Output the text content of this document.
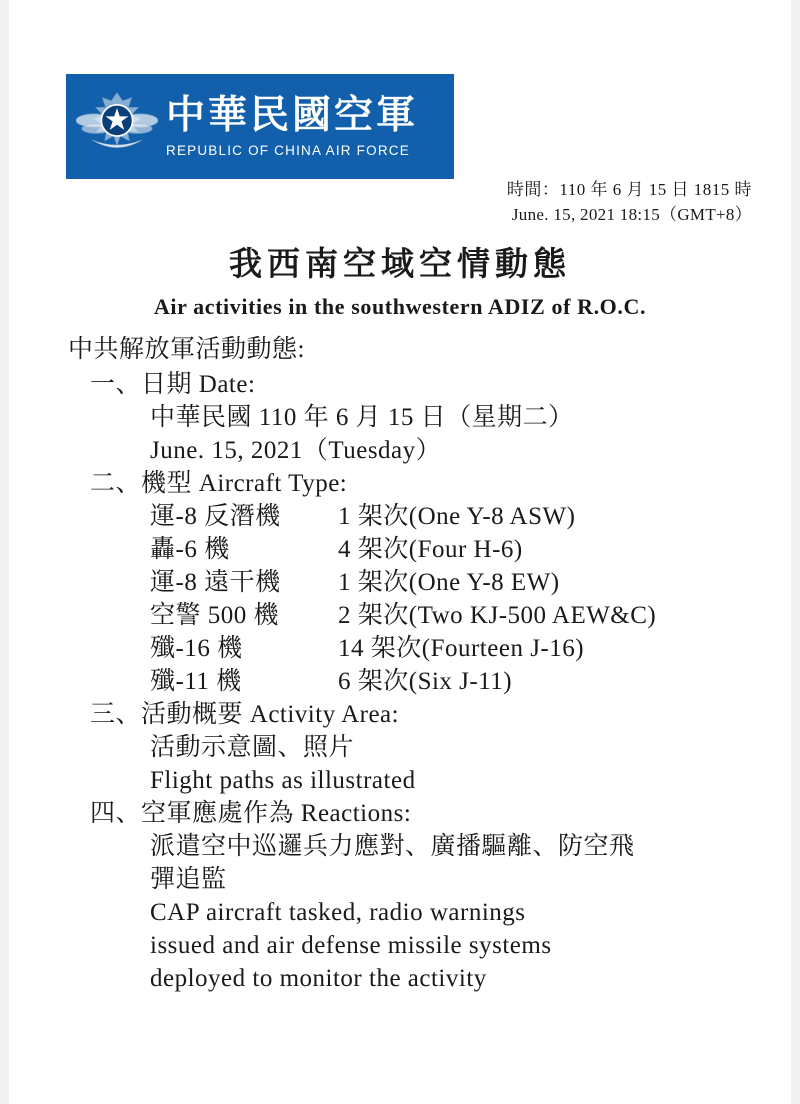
中華民國空軍
REPUBLIC OF CHINA AIR FORCE
時間：110 年 6 月 15 日 1815 時
June. 15, 2021 18:15（GMT+8）
我西南空域空情動態
Air activities in the southwestern ADIZ of R.O.C.
中共解放軍活動動態:
一、日期 Date:
中華民國 110 年 6 月 15 日（星期二）
June. 15, 2021（Tuesday）
二、機型 Aircraft Type:
運-8 反潛機	1 架次(One Y-8 ASW)
轟-6 機	4 架次(Four H-6)
運-8 遠干機	1 架次(One Y-8 EW)
空警 500 機	2 架次(Two KJ-500 AEW&C)
殲-16 機	14 架次(Fourteen J-16)
殲-11 機	6 架次(Six J-11)
三、活動概要 Activity Area:
活動示意圖、照片
Flight paths as illustrated
四、空軍應處作為 Reactions:
派遣空中巡邏兵力應對、廣播驅離、防空飛
彈追監
CAP aircraft tasked, radio warnings
issued and air defense missile systems
deployed to monitor the activity
